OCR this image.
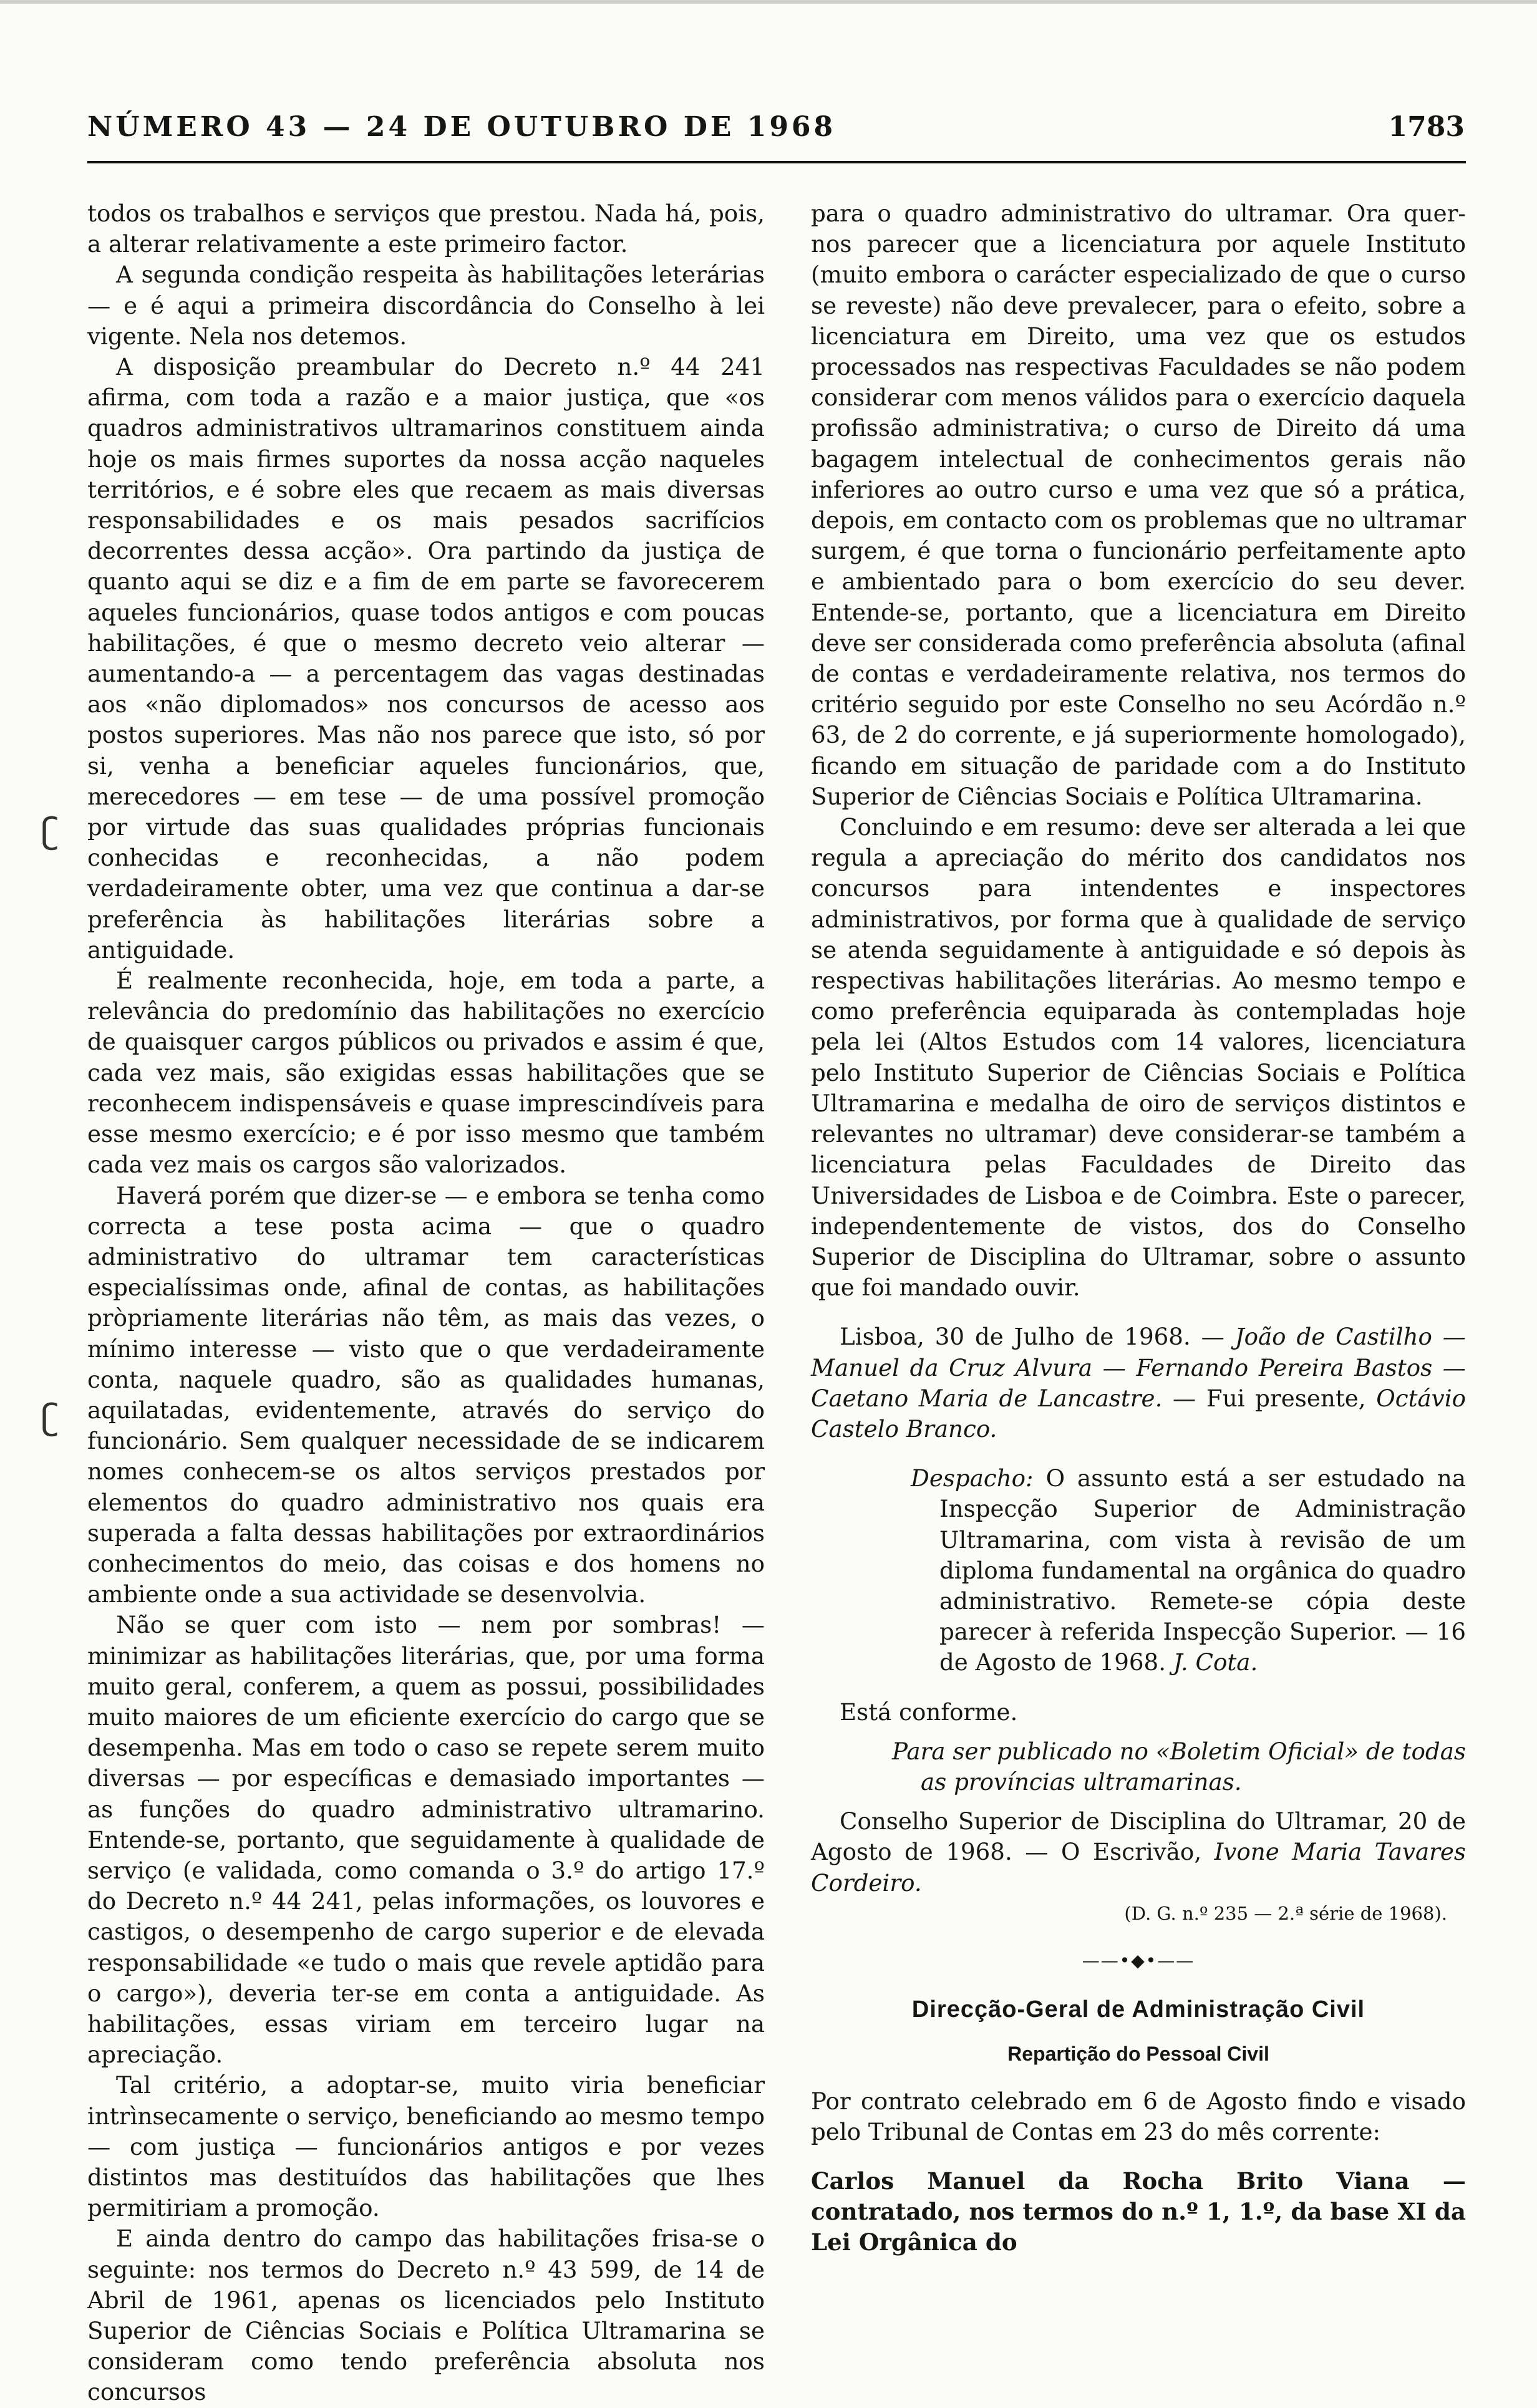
NÚMERO 43 — 24 DE OUTUBRO DE 1968	1783
ʗ
ʗ

todos os trabalhos e serviços que prestou. Nada há, pois, a alterar relativamente a este primeiro factor.

A segunda condição respeita às habilitações leterárias — e é aqui a primeira discordância do Conselho à lei vigente. Nela nos detemos.

A disposição preambular do Decreto n.º 44 241 afirma, com toda a razão e a maior justiça, que «os quadros administrativos ultramarinos constituem ainda hoje os mais firmes suportes da nossa acção naqueles territórios, e é sobre eles que recaem as mais diversas responsabilidades e os mais pesados sacrifícios decorrentes dessa acção». Ora partindo da justiça de quanto aqui se diz e a fim de em parte se favorecerem aqueles funcionários, quase todos antigos e com poucas habilitações, é que o mesmo decreto veio alterar — aumentando-a — a percentagem das vagas destinadas aos «não diplomados» nos concursos de acesso aos postos superiores. Mas não nos parece que isto, só por si, venha a beneficiar aqueles funcionários, que, merecedores — em tese — de uma possível promoção por virtude das suas qualidades próprias funcionais conhecidas e reconhecidas, a não podem verdadeiramente obter, uma vez que continua a dar-se preferência às habilitações literárias sobre a antiguidade.

É realmente reconhecida, hoje, em toda a parte, a relevância do predomínio das habilitações no exercício de quaisquer cargos públicos ou privados e assim é que, cada vez mais, são exigidas essas habilitações que se reconhecem indispensáveis e quase imprescindíveis para esse mesmo exercício; e é por isso mesmo que também cada vez mais os cargos são valorizados.

Haverá porém que dizer-se — e embora se tenha como correcta a tese posta acima — que o quadro administrativo do ultramar tem características especialíssimas onde, afinal de contas, as habilitações pròpriamente literárias não têm, as mais das vezes, o mínimo interesse — visto que o que verdadeiramente conta, naquele quadro, são as qualidades humanas, aquilatadas, evidentemente, através do serviço do funcionário. Sem qualquer necessidade de se indicarem nomes conhecem-se os altos serviços prestados por elementos do quadro administrativo nos quais era superada a falta dessas habilitações por extraordinários conhecimentos do meio, das coisas e dos homens no ambiente onde a sua actividade se desenvolvia.

Não se quer com isto — nem por sombras! — minimizar as habilitações literárias, que, por uma forma muito geral, conferem, a quem as possui, possibilidades muito maiores de um eficiente exercício do cargo que se desempenha. Mas em todo o caso se repete serem muito diversas — por específicas e demasiado importantes — as funções do quadro administrativo ultramarino. Entende-se, portanto, que seguidamente à qualidade de serviço (e validada, como comanda o 3.º do artigo 17.º do Decreto n.º 44 241, pelas informações, os louvores e castigos, o desempenho de cargo superior e de elevada responsabilidade «e tudo o mais que revele aptidão para o cargo»), deveria ter-se em conta a antiguidade. As habilitações, essas viriam em terceiro lugar na apreciação.

Tal critério, a adoptar-se, muito viria beneficiar intrìnsecamente o serviço, beneficiando ao mesmo tempo — com justiça — funcionários antigos e por vezes distintos mas destituídos das habilitações que lhes permitiriam a promoção.

E ainda dentro do campo das habilitações frisa-se o seguinte: nos termos do Decreto n.º 43 599, de 14 de Abril de 1961, apenas os licenciados pelo Instituto Superior de Ciências Sociais e Política Ultramarina se consideram como tendo preferência absoluta nos concursos

para o quadro administrativo do ultramar. Ora quer-nos parecer que a licenciatura por aquele Instituto (muito embora o carácter especializado de que o curso se reveste) não deve prevalecer, para o efeito, sobre a licenciatura em Direito, uma vez que os estudos processados nas respectivas Faculdades se não podem considerar com menos válidos para o exercício daquela profissão administrativa; o curso de Direito dá uma bagagem intelectual de conhecimentos gerais não inferiores ao outro curso e uma vez que só a prática, depois, em contacto com os problemas que no ultramar surgem, é que torna o funcionário perfeitamente apto e ambientado para o bom exercício do seu dever. Entende-se, portanto, que a licenciatura em Direito deve ser considerada como preferência absoluta (afinal de contas e verdadeiramente relativa, nos termos do critério seguido por este Conselho no seu Acórdão n.º 63, de 2 do corrente, e já superiormente homologado), ficando em situação de paridade com a do Instituto Superior de Ciências Sociais e Política Ultramarina.

Concluindo e em resumo: deve ser alterada a lei que regula a apreciação do mérito dos candidatos nos concursos para intendentes e inspectores administrativos, por forma que à qualidade de serviço se atenda seguidamente à antiguidade e só depois às respectivas habilitações literárias. Ao mesmo tempo e como preferência equiparada às contempladas hoje pela lei (Altos Estudos com 14 valores, licenciatura pelo Instituto Superior de Ciências Sociais e Política Ultramarina e medalha de oiro de serviços distintos e relevantes no ultramar) deve considerar-se também a licenciatura pelas Faculdades de Direito das Universidades de Lisboa e de Coimbra. Este o parecer, independentemente de vistos, dos do Conselho Superior de Disciplina do Ultramar, sobre o assunto que foi mandado ouvir.

Lisboa, 30 de Julho de 1968. — João de Castilho — Manuel da Cruz Alvura — Fernando Pereira Bastos — Caetano Maria de Lancastre. — Fui presente, Octávio Castelo Branco.

Despacho: O assunto está a ser estudado na Inspecção Superior de Administração Ultramarina, com vista à revisão de um diploma fundamental na orgânica do quadro administrativo. Remete-se cópia deste parecer à referida Inspecção Superior. — 16 de Agosto de 1968. J. Cota.

Está conforme.

Para ser publicado no «Boletim Oficial» de todas as províncias ultramarinas.

Conselho Superior de Disciplina do Ultramar, 20 de Agosto de 1968. — O Escrivão, Ivone Maria Tavares Cordeiro.

(D. G. n.º 235 — 2.ª série de 1968).
——•◆•——
Direcção-Geral de Administração Civil
Repartição do Pessoal Civil

Por contrato celebrado em 6 de Agosto findo e visado pelo Tribunal de Contas em 23 do mês corrente:

Carlos Manuel da Rocha Brito Viana — contratado, nos termos do n.º 1, 1.º, da base XI da Lei Orgânica do
